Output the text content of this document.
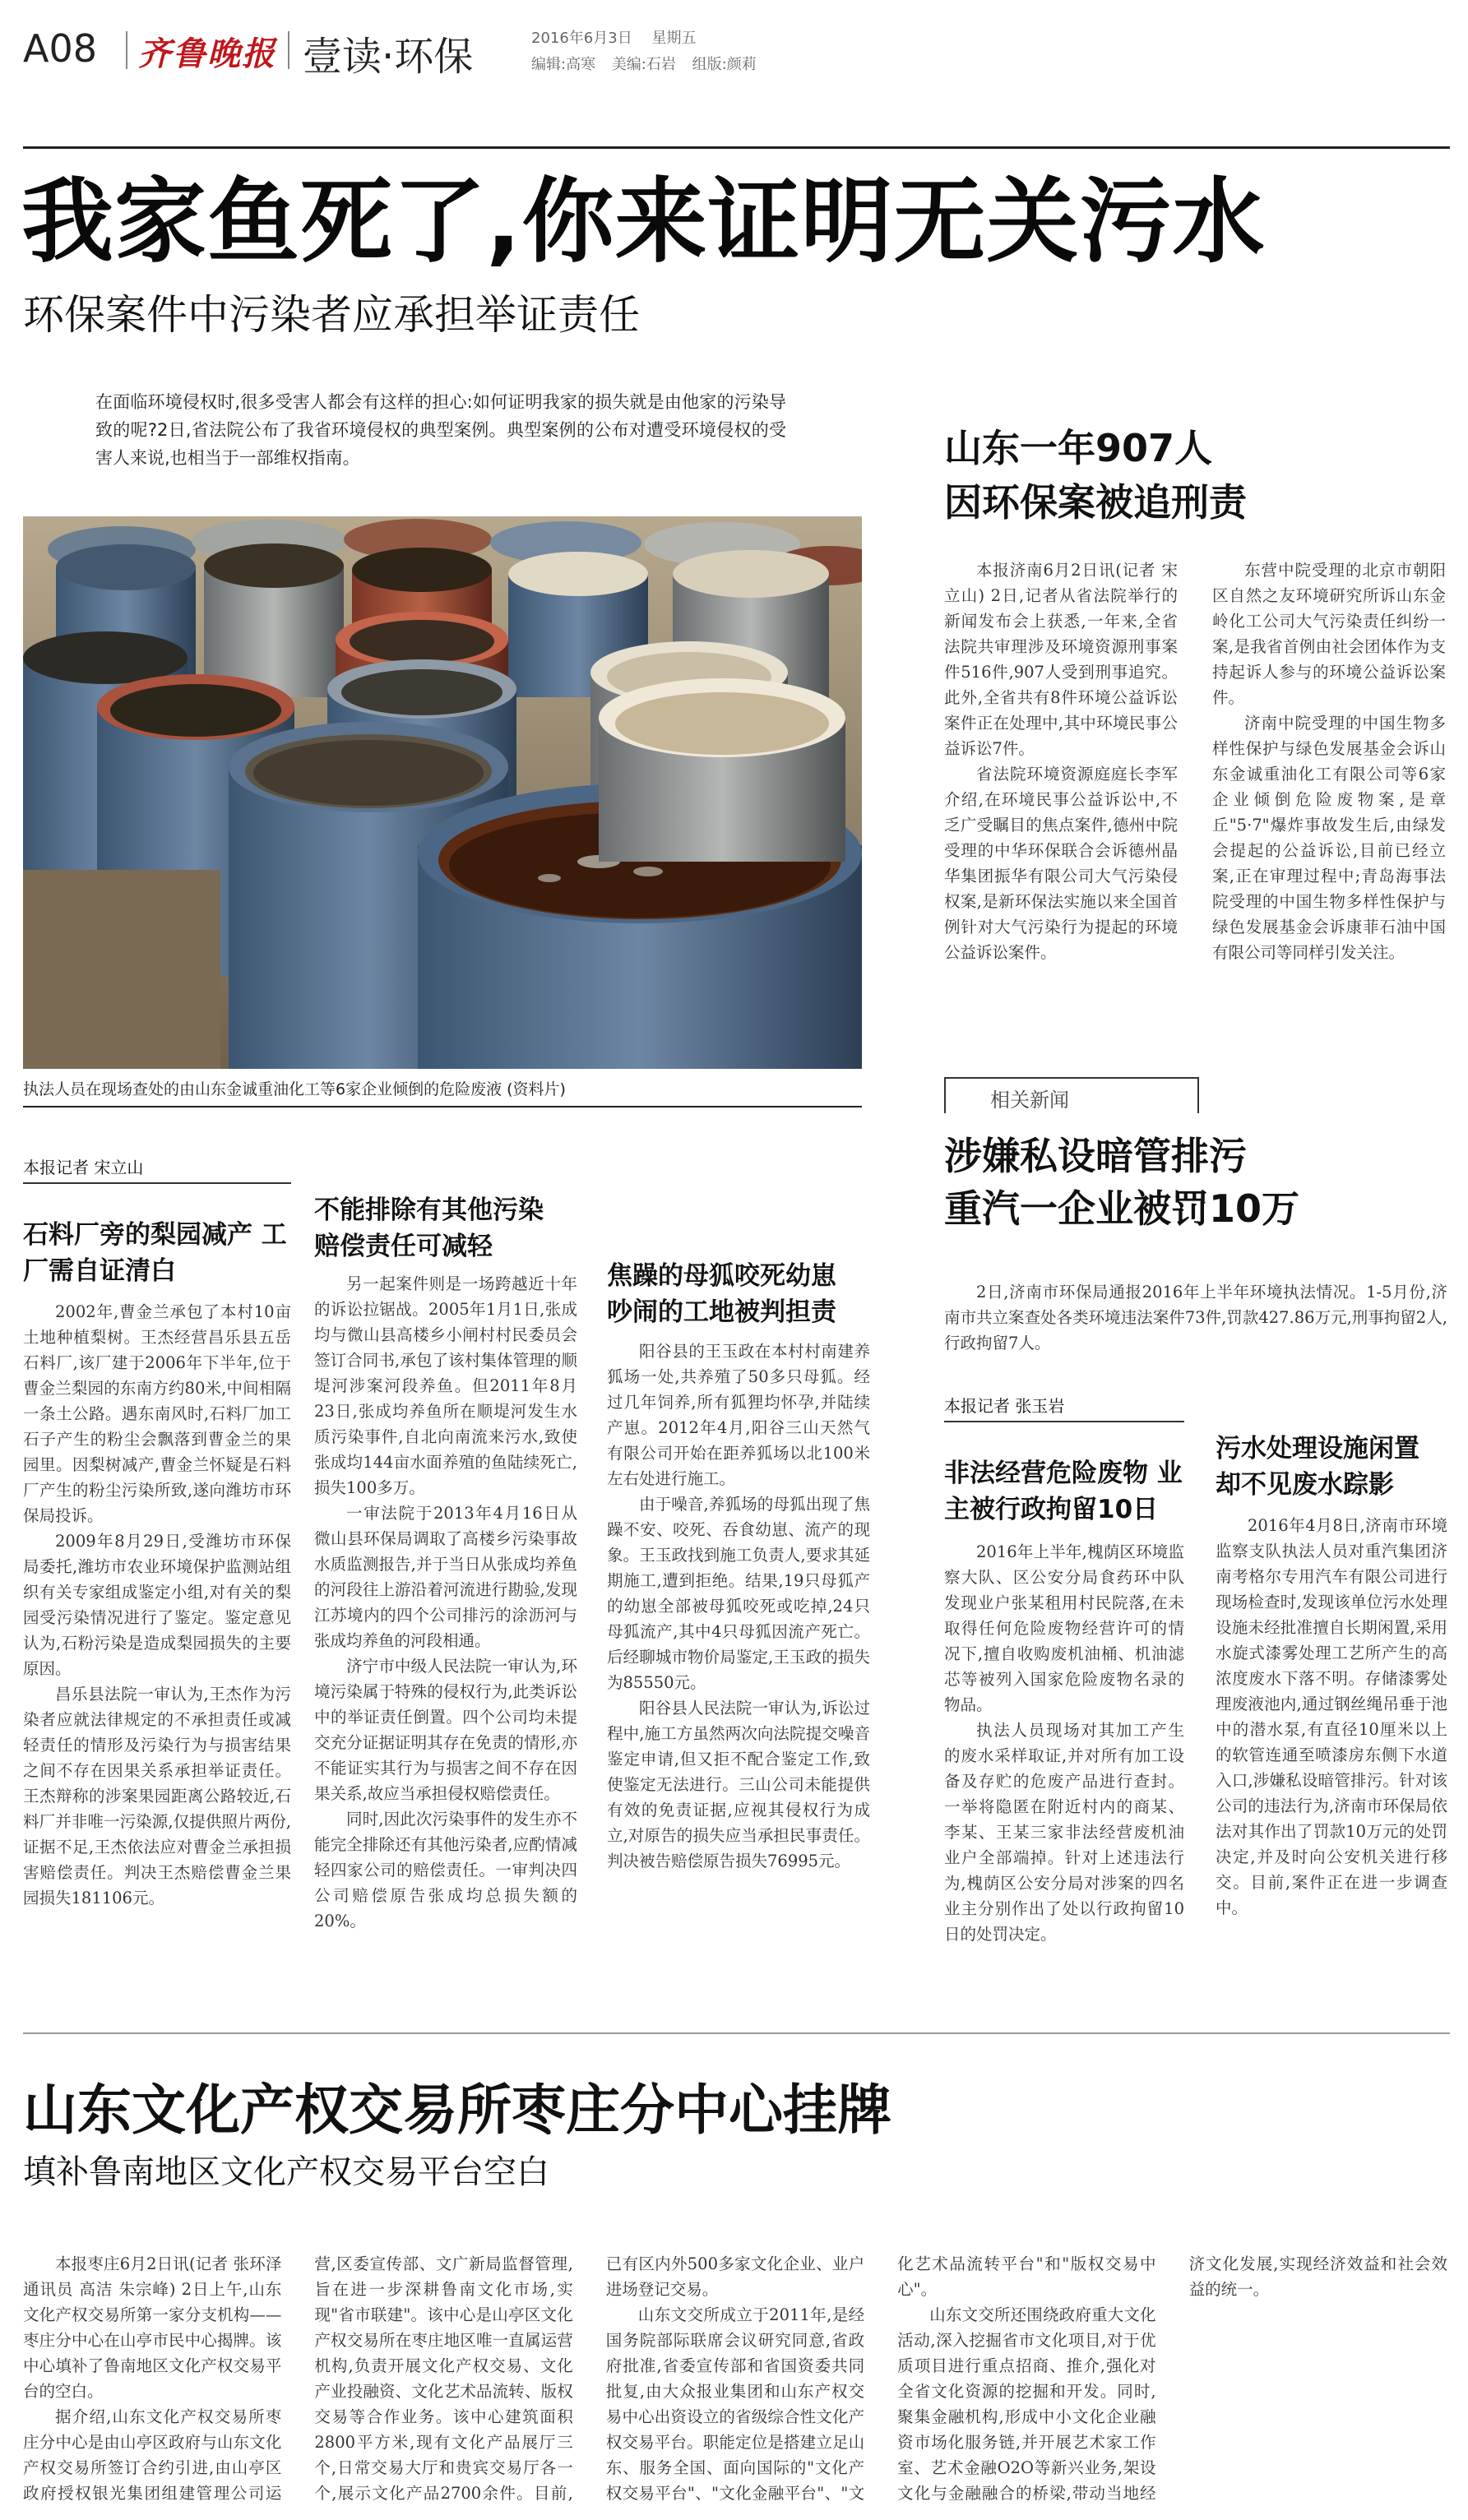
A08 齐鲁晚报 壹读·环保	2016年6月3日 星期五
编辑:高寒 美编:石岩 组版:颜莉
我家鱼死了,你来证明无关污水
环保案件中污染者应承担举证责任
在面临环境侵权时,很多受害人都会有这样的担心:如何证明我家的损失就是由他家的污染导致的呢?2日,省法院公布了我省环境侵权的典型案例。典型案例的公布对遭受环境侵权的受害人来说,也相当于一部维权指南。
执法人员在现场查处的由山东金诚重油化工等6家企业倾倒的危险废液 (资料片)
本报记者 宋立山
石料厂旁的梨园减产 工厂需自证清白

2002年,曹金兰承包了本村10亩土地种植梨树。王杰经营昌乐县五岳石料厂,该厂建于2006年下半年,位于曹金兰梨园的东南方约80米,中间相隔一条土公路。遇东南风时,石料厂加工石子产生的粉尘会飘落到曹金兰的果园里。因梨树减产,曹金兰怀疑是石料厂产生的粉尘污染所致,遂向潍坊市环保局投诉。

2009年8月29日,受潍坊市环保局委托,潍坊市农业环境保护监测站组织有关专家组成鉴定小组,对有关的梨园受污染情况进行了鉴定。鉴定意见认为,石粉污染是造成梨园损失的主要原因。

昌乐县法院一审认为,王杰作为污染者应就法律规定的不承担责任或减轻责任的情形及污染行为与损害结果之间不存在因果关系承担举证责任。王杰辩称的涉案果园距离公路较近,石料厂并非唯一污染源,仅提供照片两份,证据不足,王杰依法应对曹金兰承担损害赔偿责任。判决王杰赔偿曹金兰果园损失181106元。

不能排除有其他污染 赔偿责任可减轻

另一起案件则是一场跨越近十年的诉讼拉锯战。2005年1月1日,张成均与微山县高楼乡小闸村村民委员会签订合同书,承包了该村集体管理的顺堤河涉案河段养鱼。但2011年8月23日,张成均养鱼所在顺堤河发生水质污染事件,自北向南流来污水,致使张成均144亩水面养殖的鱼陆续死亡,损失100多万。

一审法院于2013年4月16日从微山县环保局调取了高楼乡污染事故水质监测报告,并于当日从张成均养鱼的河段往上游沿着河流进行勘验,发现江苏境内的四个公司排污的涂沥河与张成均养鱼的河段相通。

济宁市中级人民法院一审认为,环境污染属于特殊的侵权行为,此类诉讼中的举证责任倒置。四个公司均未提交充分证据证明其存在免责的情形,亦不能证实其行为与损害之间不存在因果关系,故应当承担侵权赔偿责任。

同时,因此次污染事件的发生亦不能完全排除还有其他污染者,应酌情减轻四家公司的赔偿责任。一审判决四公司赔偿原告张成均总损失额的20%。

焦躁的母狐咬死幼崽 吵闹的工地被判担责

阳谷县的王玉政在本村村南建养狐场一处,共养殖了50多只母狐。经过几年饲养,所有狐狸均怀孕,并陆续产崽。2012年4月,阳谷三山天然气有限公司开始在距养狐场以北100米左右处进行施工。

由于噪音,养狐场的母狐出现了焦躁不安、咬死、吞食幼崽、流产的现象。王玉政找到施工负责人,要求其延期施工,遭到拒绝。结果,19只母狐产的幼崽全部被母狐咬死或吃掉,24只母狐流产,其中4只母狐因流产死亡。后经聊城市物价局鉴定,王玉政的损失为85550元。

阳谷县人民法院一审认为,诉讼过程中,施工方虽然两次向法院提交噪音鉴定申请,但又拒不配合鉴定工作,致使鉴定无法进行。三山公司未能提供有效的免责证据,应视其侵权行为成立,对原告的损失应当承担民事责任。判决被告赔偿原告损失76995元。

山东一年907人
因环保案被追刑责

本报济南6月2日讯(记者 宋立山) 2日,记者从省法院举行的新闻发布会上获悉,一年来,全省法院共审理涉及环境资源刑事案件516件,907人受到刑事追究。此外,全省共有8件环境公益诉讼案件正在处理中,其中环境民事公益诉讼7件。

省法院环境资源庭庭长李军介绍,在环境民事公益诉讼中,不乏广受瞩目的焦点案件,德州中院受理的中华环保联合会诉德州晶华集团振华有限公司大气污染侵权案,是新环保法实施以来全国首例针对大气污染行为提起的环境公益诉讼案件。

东营中院受理的北京市朝阳区自然之友环境研究所诉山东金岭化工公司大气污染责任纠纷一案,是我省首例由社会团体作为支持起诉人参与的环境公益诉讼案件。

济南中院受理的中国生物多样性保护与绿色发展基金会诉山东金诚重油化工有限公司等6家企业倾倒危险废物案,是章丘"5·7"爆炸事故发生后,由绿发会提起的公益诉讼,目前已经立案,正在审理过程中;青岛海事法院受理的中国生物多样性保护与绿色发展基金会诉康菲石油中国有限公司等同样引发关注。

相关新闻
涉嫌私设暗管排污
重汽一企业被罚10万

2日,济南市环保局通报2016年上半年环境执法情况。1-5月份,济南市共立案查处各类环境违法案件73件,罚款427.86万元,刑事拘留2人,行政拘留7人。

本报记者 张玉岩
非法经营危险废物 业主被行政拘留10日

2016年上半年,槐荫区环境监察大队、区公安分局食药环中队发现业户张某租用村民院落,在未取得任何危险废物经营许可的情况下,擅自收购废机油桶、机油滤芯等被列入国家危险废物名录的物品。

执法人员现场对其加工产生的废水采样取证,并对所有加工设备及存贮的危废产品进行查封。一举将隐匿在附近村内的商某、李某、王某三家非法经营废机油业户全部端掉。针对上述违法行为,槐荫区公安分局对涉案的四名业主分别作出了处以行政拘留10日的处罚决定。

污水处理设施闲置 却不见废水踪影

2016年4月8日,济南市环境监察支队执法人员对重汽集团济南考格尔专用汽车有限公司进行现场检查时,发现该单位污水处理设施未经批准擅自长期闲置,采用水旋式漆雾处理工艺所产生的高浓度废水下落不明。存储漆雾处理废液池内,通过钢丝绳吊垂于池中的潜水泵,有直径10厘米以上的软管连通至喷漆房东侧下水道入口,涉嫌私设暗管排污。针对该公司的违法行为,济南市环保局依法对其作出了罚款10万元的处罚决定,并及时向公安机关进行移交。目前,案件正在进一步调查中。

山东文化产权交易所枣庄分中心挂牌
填补鲁南地区文化产权交易平台空白

本报枣庄6月2日讯(记者 张环泽 通讯员 高洁 朱宗峰) 2日上午,山东文化产权交易所第一家分支机构——枣庄分中心在山亭市民中心揭牌。该中心填补了鲁南地区文化产权交易平台的空白。

据介绍,山东文化产权交易所枣庄分中心是由山亭区政府与山东文化产权交易所签订合约引进,由山亭区政府授权银光集团组建管理公司运营,区委宣传部、文广新局监督管理,旨在进一步深耕鲁南文化市场,实现"省市联建"。该中心是山亭区文化产权交易所在枣庄地区唯一直属运营机构,负责开展文化产权交易、文化产业投融资、文化艺术品流转、版权交易等合作业务。该中心建筑面积2800平方米,现有文化产品展厅三个,日常交易大厅和贵宾交易厅各一个,展示文化产品2700余件。目前,已有区内外500多家文化企业、业户进场登记交易。

山东文交所成立于2011年,是经国务院部际联席会议研究同意,省政府批准,省委宣传部和省国资委共同批复,由大众报业集团和山东产权交易中心出资设立的省级综合性文化产权交易平台。职能定位是搭建立足山东、服务全国、面向国际的"文化产权交易平台"、"文化金融平台"、"文化艺术品流转平台"和"版权交易中心"。

山东文交所还围绕政府重大文化活动,深入挖掘省市文化项目,对于优质项目进行重点招商、推介,强化对全省文化资源的挖掘和开发。同时,聚集金融机构,形成中小文化企业融资市场化服务链,并开展艺术家工作室、艺术金融O2O等新兴业务,架设文化与金融融合的桥梁,带动当地经济文化发展,实现经济效益和社会效益的统一。
